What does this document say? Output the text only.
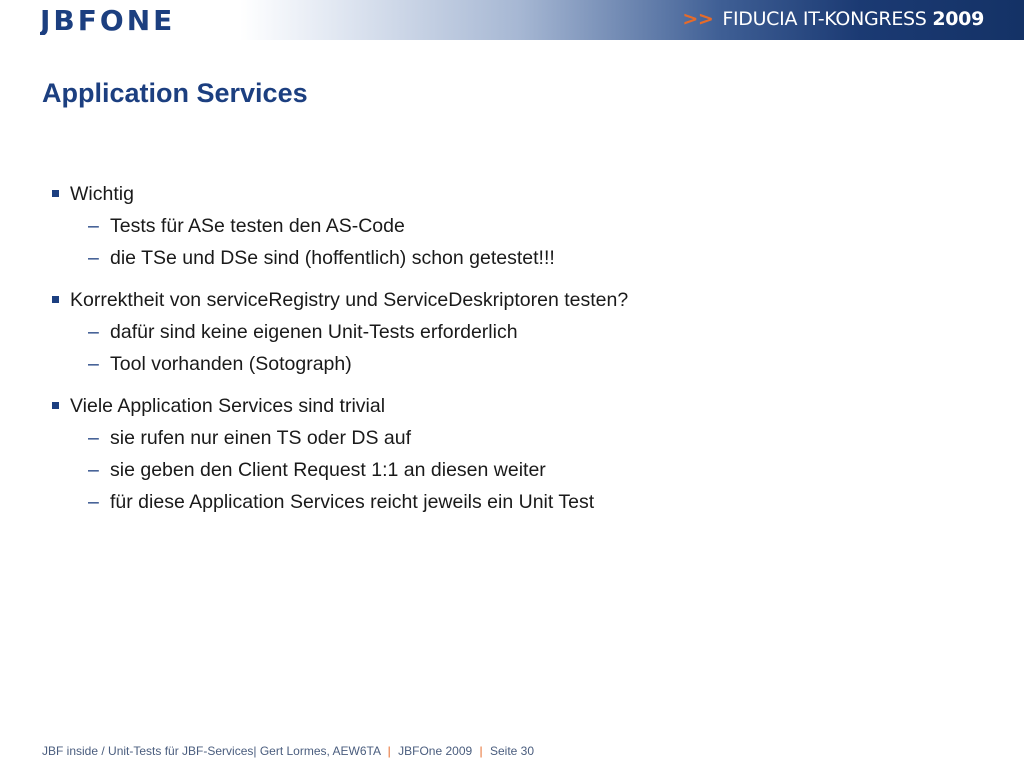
JBFONE	>> FIDUCIA IT-KONGRESS 2009
Application Services
Wichtig
– Tests für ASe testen den AS-Code
– die TSe und DSe sind (hoffentlich) schon getestet!!!
Korrektheit von serviceRegistry und ServiceDeskriptoren testen?
– dafür sind keine eigenen Unit-Tests erforderlich
– Tool vorhanden (Sotograph)
Viele Application Services sind trivial
– sie rufen nur einen TS oder DS auf
– sie geben den Client Request 1:1 an diesen weiter
– für diese Application Services reicht jeweils ein Unit Test
JBF inside / Unit-Tests für JBF-Services| Gert Lormes, AEW6TA | JBFOne 2009 | Seite 30
